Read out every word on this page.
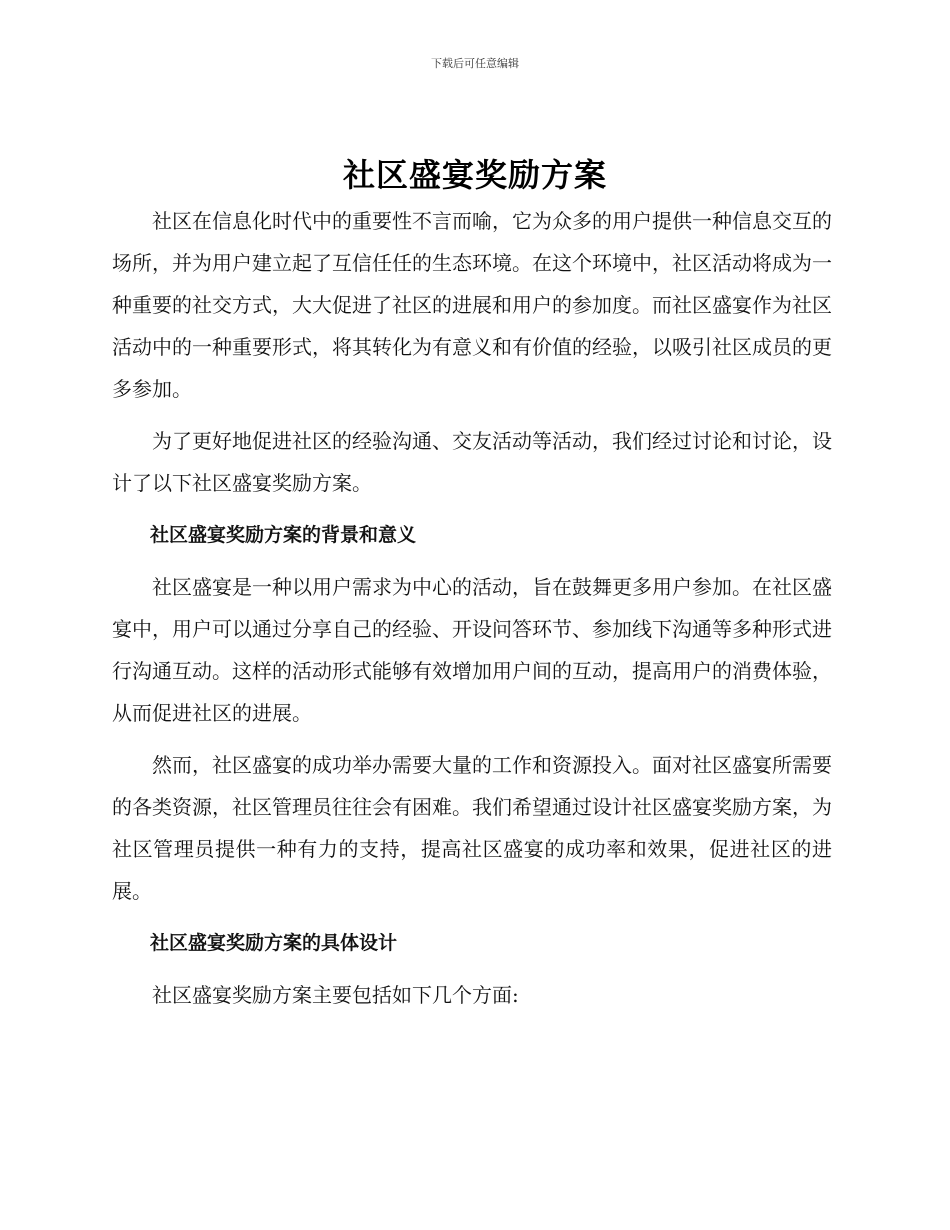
下载后可任意编辑
社区盛宴奖励方案

社区在信息化时代中的重要性不言而喻，它为众多的用户提供一种信息交互的场所，并为用户建立起了互信任任的生态环境。在这个环境中，社区活动将成为一种重要的社交方式，大大促进了社区的进展和用户的参加度。而社区盛宴作为社区活动中的一种重要形式，将其转化为有意义和有价值的经验，以吸引社区成员的更多参加。

为了更好地促进社区的经验沟通、交友活动等活动，我们经过讨论和讨论，设计了以下社区盛宴奖励方案。

社区盛宴奖励方案的背景和意义

社区盛宴是一种以用户需求为中心的活动，旨在鼓舞更多用户参加。在社区盛宴中，用户可以通过分享自己的经验、开设问答环节、参加线下沟通等多种形式进行沟通互动。这样的活动形式能够有效增加用户间的互动，提高用户的消费体验，从而促进社区的进展。

然而，社区盛宴的成功举办需要大量的工作和资源投入。面对社区盛宴所需要的各类资源，社区管理员往往会有困难。我们希望通过设计社区盛宴奖励方案，为社区管理员提供一种有力的支持，提高社区盛宴的成功率和效果，促进社区的进展。

社区盛宴奖励方案的具体设计

社区盛宴奖励方案主要包括如下几个方面:
